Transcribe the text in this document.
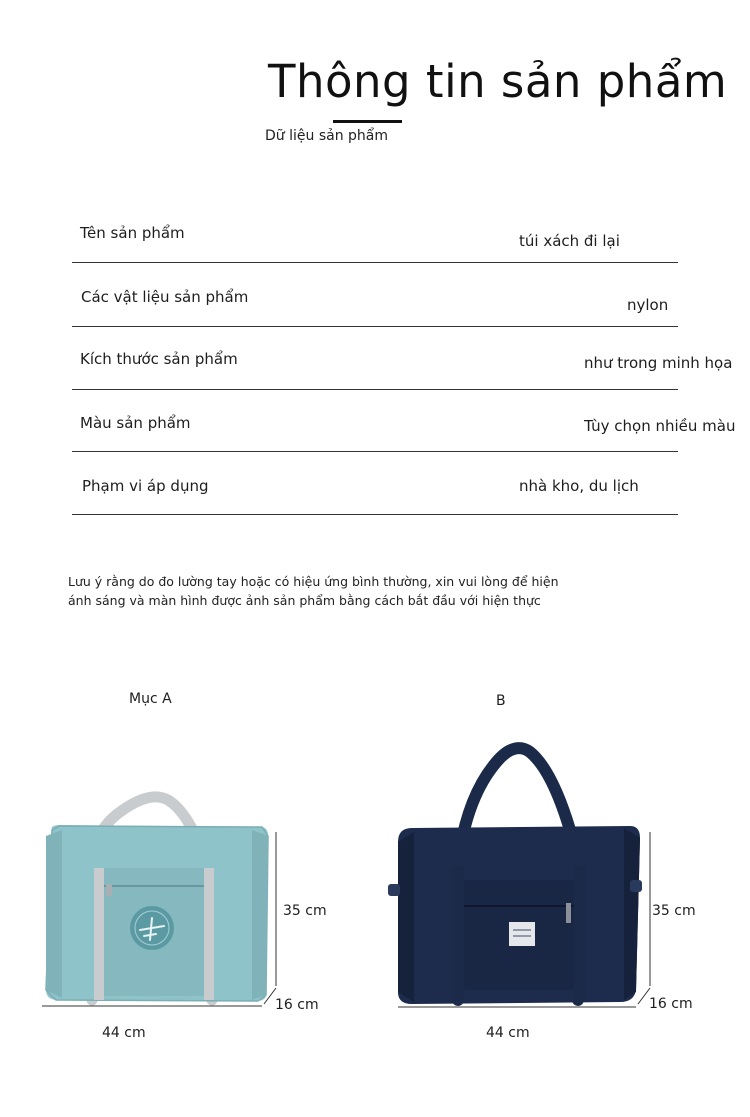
Thông tin sản phẩm
Dữ liệu sản phẩm
Tên sản phẩm	túi xách đi lại
Các vật liệu sản phẩm	nylon
Kích thước sản phẩm	như trong minh họa
Màu sản phẩm	Tùy chọn nhiều màu
Phạm vi áp dụng	nhà kho, du lịch
Lưu ý rằng do đo lường tay hoặc có hiệu ứng bình thường, xin vui lòng để hiện
ánh sáng và màn hình được ảnh sản phẩm bằng cách bắt đầu với hiện thực
Mục A
35 cm
16 cm
44 cm
B
35 cm
16 cm
44 cm
